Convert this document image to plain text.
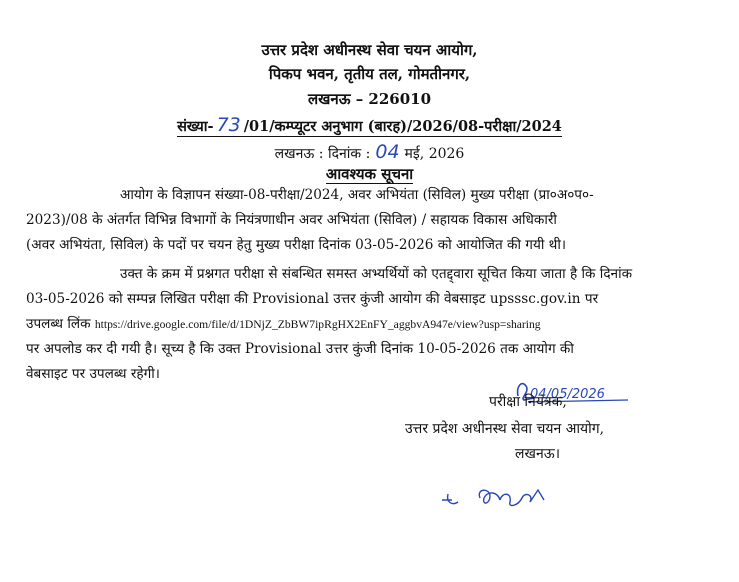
उत्तर प्रदेश अधीनस्थ सेवा चयन आयोग,
पिकप भवन, तृतीय तल, गोमतीनगर,
लखनऊ – 226010
संख्या- 73 /01/कम्प्यूटर अनुभाग (बारह)/2026/08-परीक्षा/2024
लखनऊ : दिनांक : 04 मई, 2026
आवश्यक सूचना
आयोग के विज्ञापन संख्या-08-परीक्षा/2024, अवर अभियंता (सिविल) मुख्य परीक्षा (प्रा०अ०प०-
2023)/08 के अंतर्गत विभिन्न विभागों के नियंत्रणाधीन अवर अभियंता (सिविल) / सहायक विकास अधिकारी
(अवर अभियंता, सिविल) के पदों पर चयन हेतु मुख्य परीक्षा दिनांक 03-05-2026 को आयोजित की गयी थी।
उक्त के क्रम में प्रश्नगत परीक्षा से संबन्धित समस्त अभ्यर्थियों को एतद्द्वारा सूचित किया जाता है कि दिनांक
03-05-2026 को सम्पन्न लिखित परीक्षा की Provisional उत्तर कुंजी आयोग की वेबसाइट upsssc.gov.in पर
उपलब्ध लिंक https://drive.google.com/file/d/1DNjZ_ZbBW7ipRgHX2EnFY_aggbvA947e/view?usp=sharing
पर अपलोड कर दी गयी है। सूच्य है कि उक्त Provisional उत्तर कुंजी दिनांक 10-05-2026 तक आयोग की
वेबसाइट पर उपलब्ध रहेगी।
04/05/2026
परीक्षा नियंत्रक,
उत्तर प्रदेश अधीनस्थ सेवा चयन आयोग,
लखनऊ।
